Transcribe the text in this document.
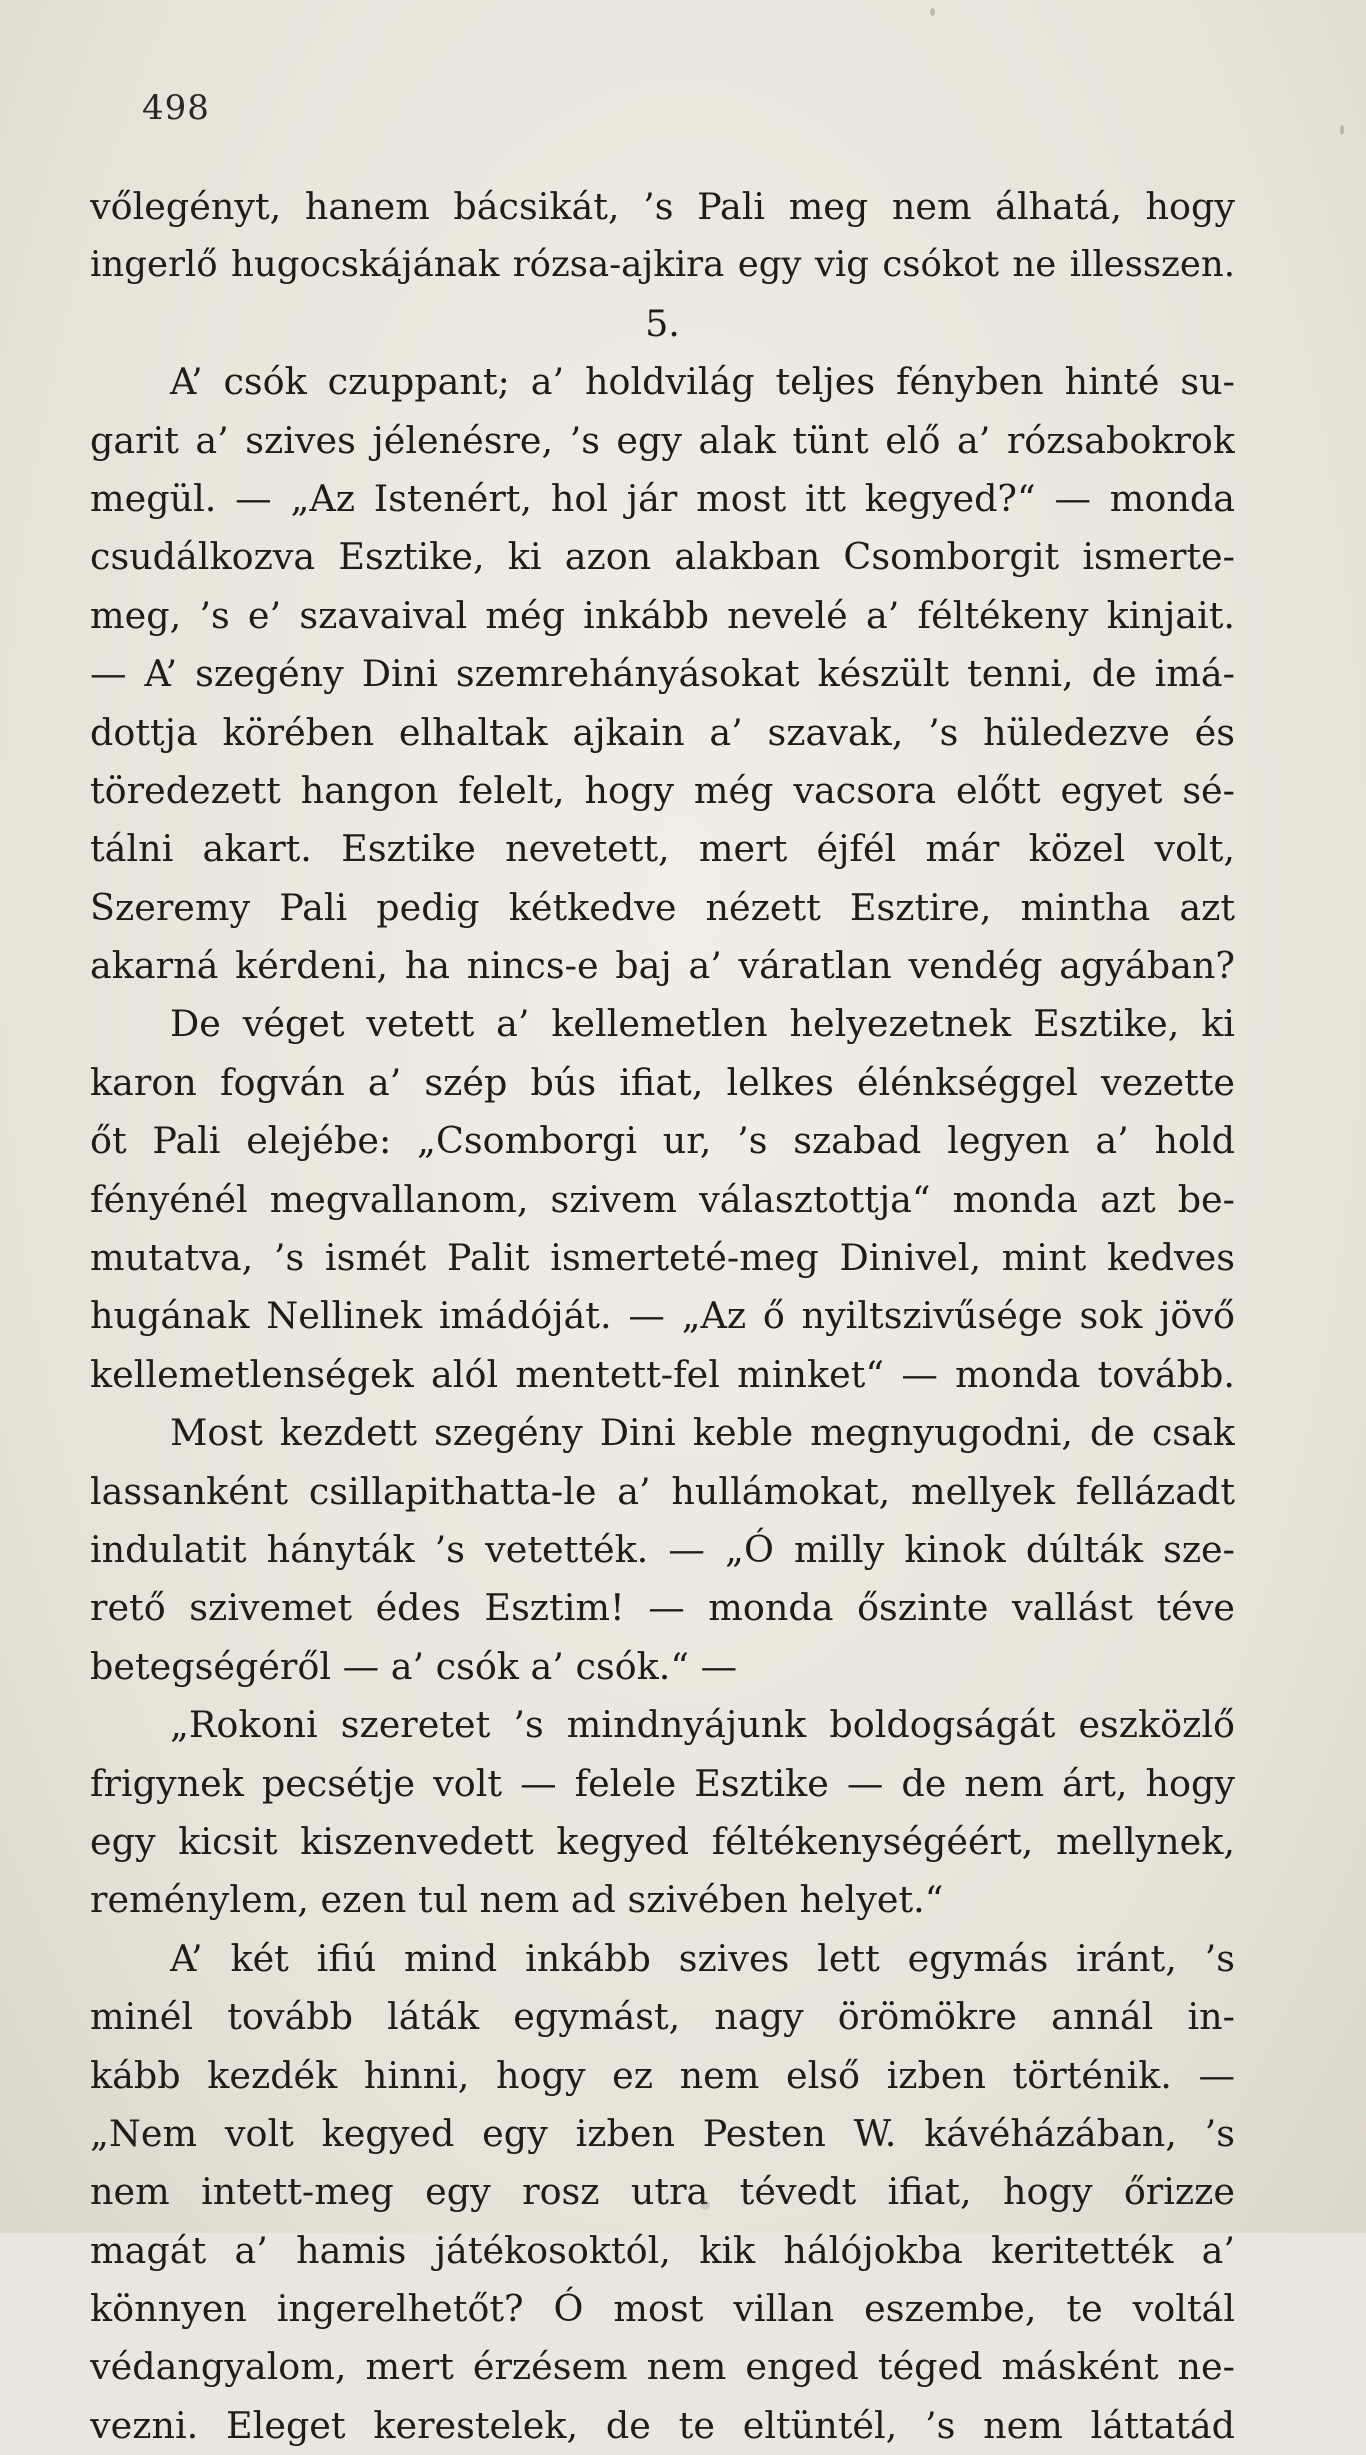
498
vőlegényt, hanem bácsikát, ’s Pali meg nem álhatá, hogy
ingerlő hugocskájának rózsa-ajkira egy vig csókot ne illesszen.
5.
A’ csók czuppant; a’ holdvilág teljes fényben hinté su-
garit a’ szives jélenésre, ’s egy alak tünt elő a’ rózsabokrok
megül. — „Az Istenért, hol jár most itt kegyed?“ — monda
csudálkozva Esztike, ki azon alakban Csomborgit ismerte-
meg, ’s e’ szavaival még inkább nevelé a’ féltékeny kinjait.
— A’ szegény Dini szemrehányásokat készült tenni, de imá-
dottja körében elhaltak ajkain a’ szavak, ’s hüledezve és
töredezett hangon felelt, hogy még vacsora előtt egyet sé-
tálni akart. Esztike nevetett, mert éjfél már közel volt,
Szeremy Pali pedig kétkedve nézett Esztire, mintha azt
akarná kérdeni, ha nincs-e baj a’ váratlan vendég agyában?
De véget vetett a’ kellemetlen helyezetnek Esztike, ki
karon fogván a’ szép bús ifiat, lelkes élénkséggel vezette
őt Pali elejébe: „Csomborgi ur, ’s szabad legyen a’ hold
fényénél megvallanom, szivem választottja“ monda azt be-
mutatva, ’s ismét Palit ismerteté-meg Dinivel, mint kedves
hugának Nellinek imádóját. — „Az ő nyiltszivűsége sok jövő
kellemetlenségek alól mentett-fel minket“ — monda tovább.
Most kezdett szegény Dini keble megnyugodni, de csak
lassanként csillapithatta-le a’ hullámokat, mellyek fellázadt
indulatit hányták ’s vetették. — „Ó milly kinok dúlták sze-
rető szivemet édes Esztim! — monda őszinte vallást téve
betegségéről — a’ csók a’ csók.“ —
„Rokoni szeretet ’s mindnyájunk boldogságát eszközlő
frigynek pecsétje volt — felele Esztike — de nem árt, hogy
egy kicsit kiszenvedett kegyed féltékenységéért, mellynek,
reménylem, ezen tul nem ad szivében helyet.“
A’ két ifiú mind inkább szives lett egymás iránt, ’s
minél tovább láták egymást, nagy örömökre annál in-
kább kezdék hinni, hogy ez nem első izben történik. —
„Nem volt kegyed egy izben Pesten W. kávéházában, ’s
nem intett-meg egy rosz utra tévedt ifiat, hogy őrizze
magát a’ hamis játékosoktól, kik hálójokba keritették a’
könnyen ingerelhetőt? Ó most villan eszembe, te voltál
védangyalom, mert érzésem nem enged téged másként ne-
vezni. Eleget kerestelek, de te eltüntél, ’s nem láttatád
